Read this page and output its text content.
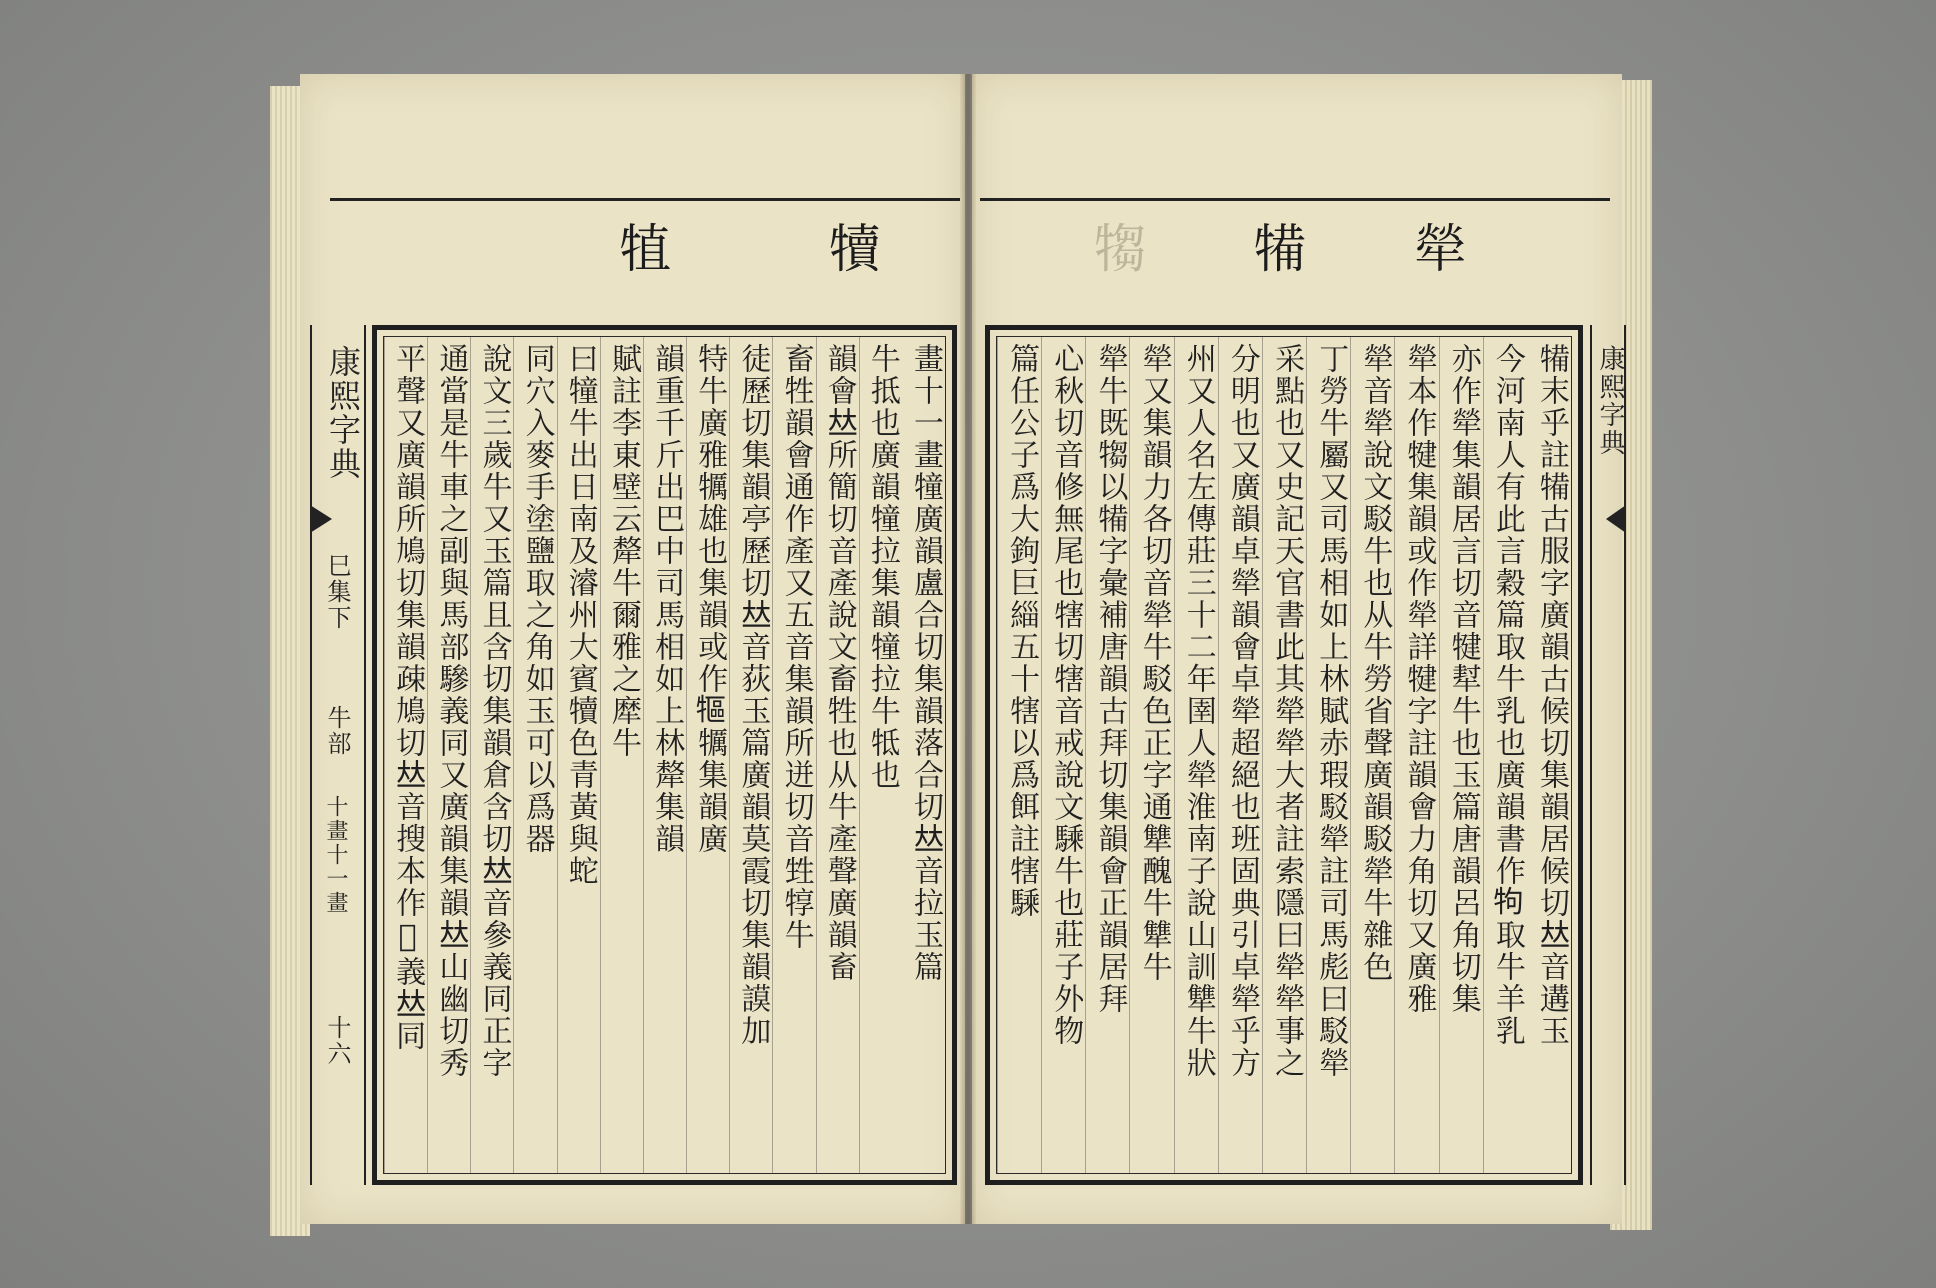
犆	犢
畫十一畫犝廣韻盧合切集韻落合切𠀤音拉玉篇
牛抵也廣韻犝拉集韻犝拉牛牴也
韻會𠀤所簡切音產說文畜牲也从牛產聲廣韻畜
畜牲韻會通作產又五音集韻所迸切音甡犉牛
徒歷切集韻亭歷切𠀤音荻玉篇廣韻莫霞切集韻謨加
特牛廣雅犡雄也集韻或作𤛐犡集韻廣
韻重千斤出巴中司馬相如上林犛集韻
賦註李東壁云犛牛爾雅之犘牛
曰犝牛出日南及濬州大賓犢色青黃與蛇
同穴入麥手塗鹽取之角如玉可以爲器
說文三歲牛又玉篇且含切集韻倉含切𠀤音參義同正字
通當是牛車之副與馬部驂義同又廣韻集韻𠀤山幽切秀
平聲又廣韻所鳩切集韻疎鳩切𠀤音搜本作𤛓義𠀤同
康熙字典
巳集下
牛部
十畫十一畫
十六
犓 犕 犖
犕末乎註犕古服字廣韻古候切集韻居候切𠀤音遘玉
今河南人有此言穀篇取牛乳也廣韻書作𤘽取牛羊乳
亦作犖集韻居言切音犍犎牛也玉篇唐韻呂角切集
犖本作犍集韻或作犖詳犍字註韻會力角切又廣雅
犖音犖說文駁牛也从牛勞省聲廣韻駁犖牛雜色
丁勞牛屬又司馬相如上林賦赤瑕駁犖註司馬彪曰駁犖
采點也又史記天官書此其犖犖大者註索隱曰犖犖事之
分明也又廣韻卓犖韻會卓犖超絕也班固典引卓犖乎方
州又人名左傳莊三十二年圉人犖淮南子說山訓犨牛狀
犖又集韻力各切音犖牛駁色正字通犨醜牛犨牛
犖牛既犓以犕字彙補唐韻古拜切集韻會正韻居拜
心秋切音修無尾也犗切犗音戒說文騬牛也莊子外物
篇任公子爲大鉤巨緇五十犗以爲餌註犗騬	康熙字典
